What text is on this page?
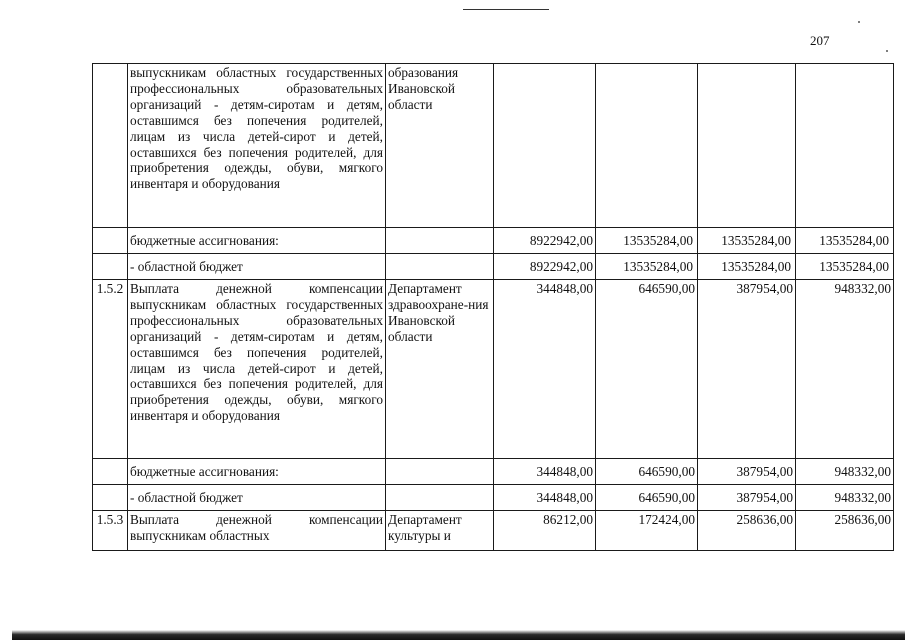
207
	выпускникам областных государственных профессиональных образовательных организаций - детям-сиротам и детям, оставшимся без попечения родителей, лицам из числа детей-сирот и детей, оставшихся без попечения родителей, для приобретения одежды, обуви, мягкого инвентаря и оборудования	образования Ивановской области				
	бюджетные ассигнования:		8922942,00	13535284,00	13535284,00	13535284,00
	- областной бюджет		8922942,00	13535284,00	13535284,00	13535284,00
1.5.2	Выплата денежной компенсации выпускникам областных государственных профессиональных образовательных организаций - детям-сиротам и детям, оставшимся без попечения родителей, лицам из числа детей-сирот и детей, оставшихся без попечения родителей, для приобретения одежды, обуви, мягкого инвентаря и оборудования	Департамент здравоохране-ния Ивановской области	344848,00	646590,00	387954,00	948332,00
	бюджетные ассигнования:		344848,00	646590,00	387954,00	948332,00
	- областной бюджет		344848,00	646590,00	387954,00	948332,00
1.5.3	Выплата денежной компенсации выпускникам областных	Департамент культуры и	86212,00	172424,00	258636,00	258636,00
